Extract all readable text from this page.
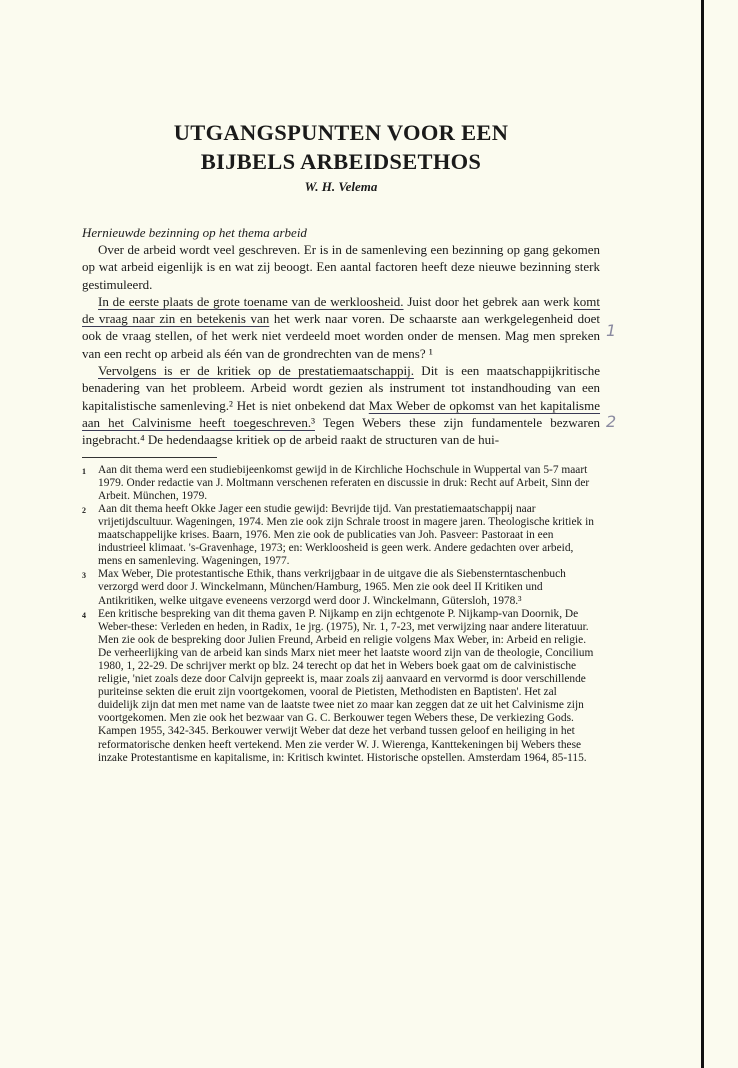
UTGANGSPUNTEN VOOR EEN
BIJBELS ARBEIDSETHOS

W. H. Velema

Hernieuwde bezinning op het thema arbeid

Over de arbeid wordt veel geschreven. Er is in de samenleving een bezinning op gang gekomen op wat arbeid eigenlijk is en wat zij beoogt. Een aantal factoren heeft deze nieuwe bezinning sterk gestimuleerd.

In de eerste plaats de grote toename van de werkloosheid. Juist door het gebrek aan werk komt de vraag naar zin en betekenis van het werk naar voren. De schaarste aan werkgelegenheid doet ook de vraag stellen, of het werk niet verdeeld moet worden onder de mensen. Mag men spreken van een recht op arbeid als één van de grondrechten van de mens? ¹

Vervolgens is er de kritiek op de prestatiemaatschappij. Dit is een maatschappijkritische benadering van het probleem. Arbeid wordt gezien als instrument tot instandhouding van een kapitalistische samenleving.² Het is niet onbekend dat Max Weber de opkomst van het kapitalisme aan het Calvinisme heeft toegeschreven.³ Tegen Webers these zijn fundamentele bezwaren ingebracht.⁴ De hedendaagse kritiek op de arbeid raakt de structuren van de hui-

1	Aan dit thema werd een studiebijeenkomst gewijd in de Kirchliche Hochschule in Wuppertal van 5-7 maart 1979. Onder redactie van J. Moltmann verschenen referaten en discussie in druk: Recht auf Arbeit, Sinn der Arbeit. München, 1979.
2	Aan dit thema heeft Okke Jager een studie gewijd: Bevrijde tijd. Van prestatiemaatschappij naar vrijetijdscultuur. Wageningen, 1974. Men zie ook zijn Schrale troost in magere jaren. Theologische kritiek in maatschappelijke krises. Baarn, 1976. Men zie ook de publicaties van Joh. Pasveer: Pastoraat in een industrieel klimaat. 's-Gravenhage, 1973; en: Werkloosheid is geen werk. Andere gedachten over arbeid, mens en samenleving. Wageningen, 1977.
3	Max Weber, Die protestantische Ethik, thans verkrijgbaar in de uitgave die als Siebensterntaschenbuch verzorgd werd door J. Winckelmann, München/Hamburg, 1965. Men zie ook deel II Kritiken und Antikritiken, welke uitgave eveneens verzorgd werd door J. Winckelmann, Gütersloh, 1978.³
4	Een kritische bespreking van dit thema gaven P. Nijkamp en zijn echtgenote P. Nijkamp-van Doornik, De Weber-these: Verleden en heden, in Radix, 1e jrg. (1975), Nr. 1, 7-23, met verwijzing naar andere literatuur.
Men zie ook de bespreking door Julien Freund, Arbeid en religie volgens Max Weber, in: Arbeid en religie. De verheerlijking van de arbeid kan sinds Marx niet meer het laatste woord zijn van de theologie, Concilium 1980, 1, 22-29. De schrijver merkt op blz. 24 terecht op dat het in Webers boek gaat om de calvinistische religie, 'niet zoals deze door Calvijn gepreekt is, maar zoals zij aanvaard en vervormd is door verschillende puriteinse sekten die eruit zijn voortgekomen, vooral de Pietisten, Methodisten en Baptisten'. Het zal duidelijk zijn dat men met name van de laatste twee niet zo maar kan zeggen dat ze uit het Calvinisme zijn voortgekomen. Men zie ook het bezwaar van G. C. Berkouwer tegen Webers these, De verkiezing Gods. Kampen 1955, 342-345. Berkouwer verwijt Weber dat deze het verband tussen geloof en heiliging in het reformatorische denken heeft vertekend. Men zie verder W. J. Wierenga, Kanttekeningen bij Webers these inzake Protestantisme en kapitalisme, in: Kritisch kwintet. Historische opstellen. Amsterdam 1964, 85-115.
1
2
